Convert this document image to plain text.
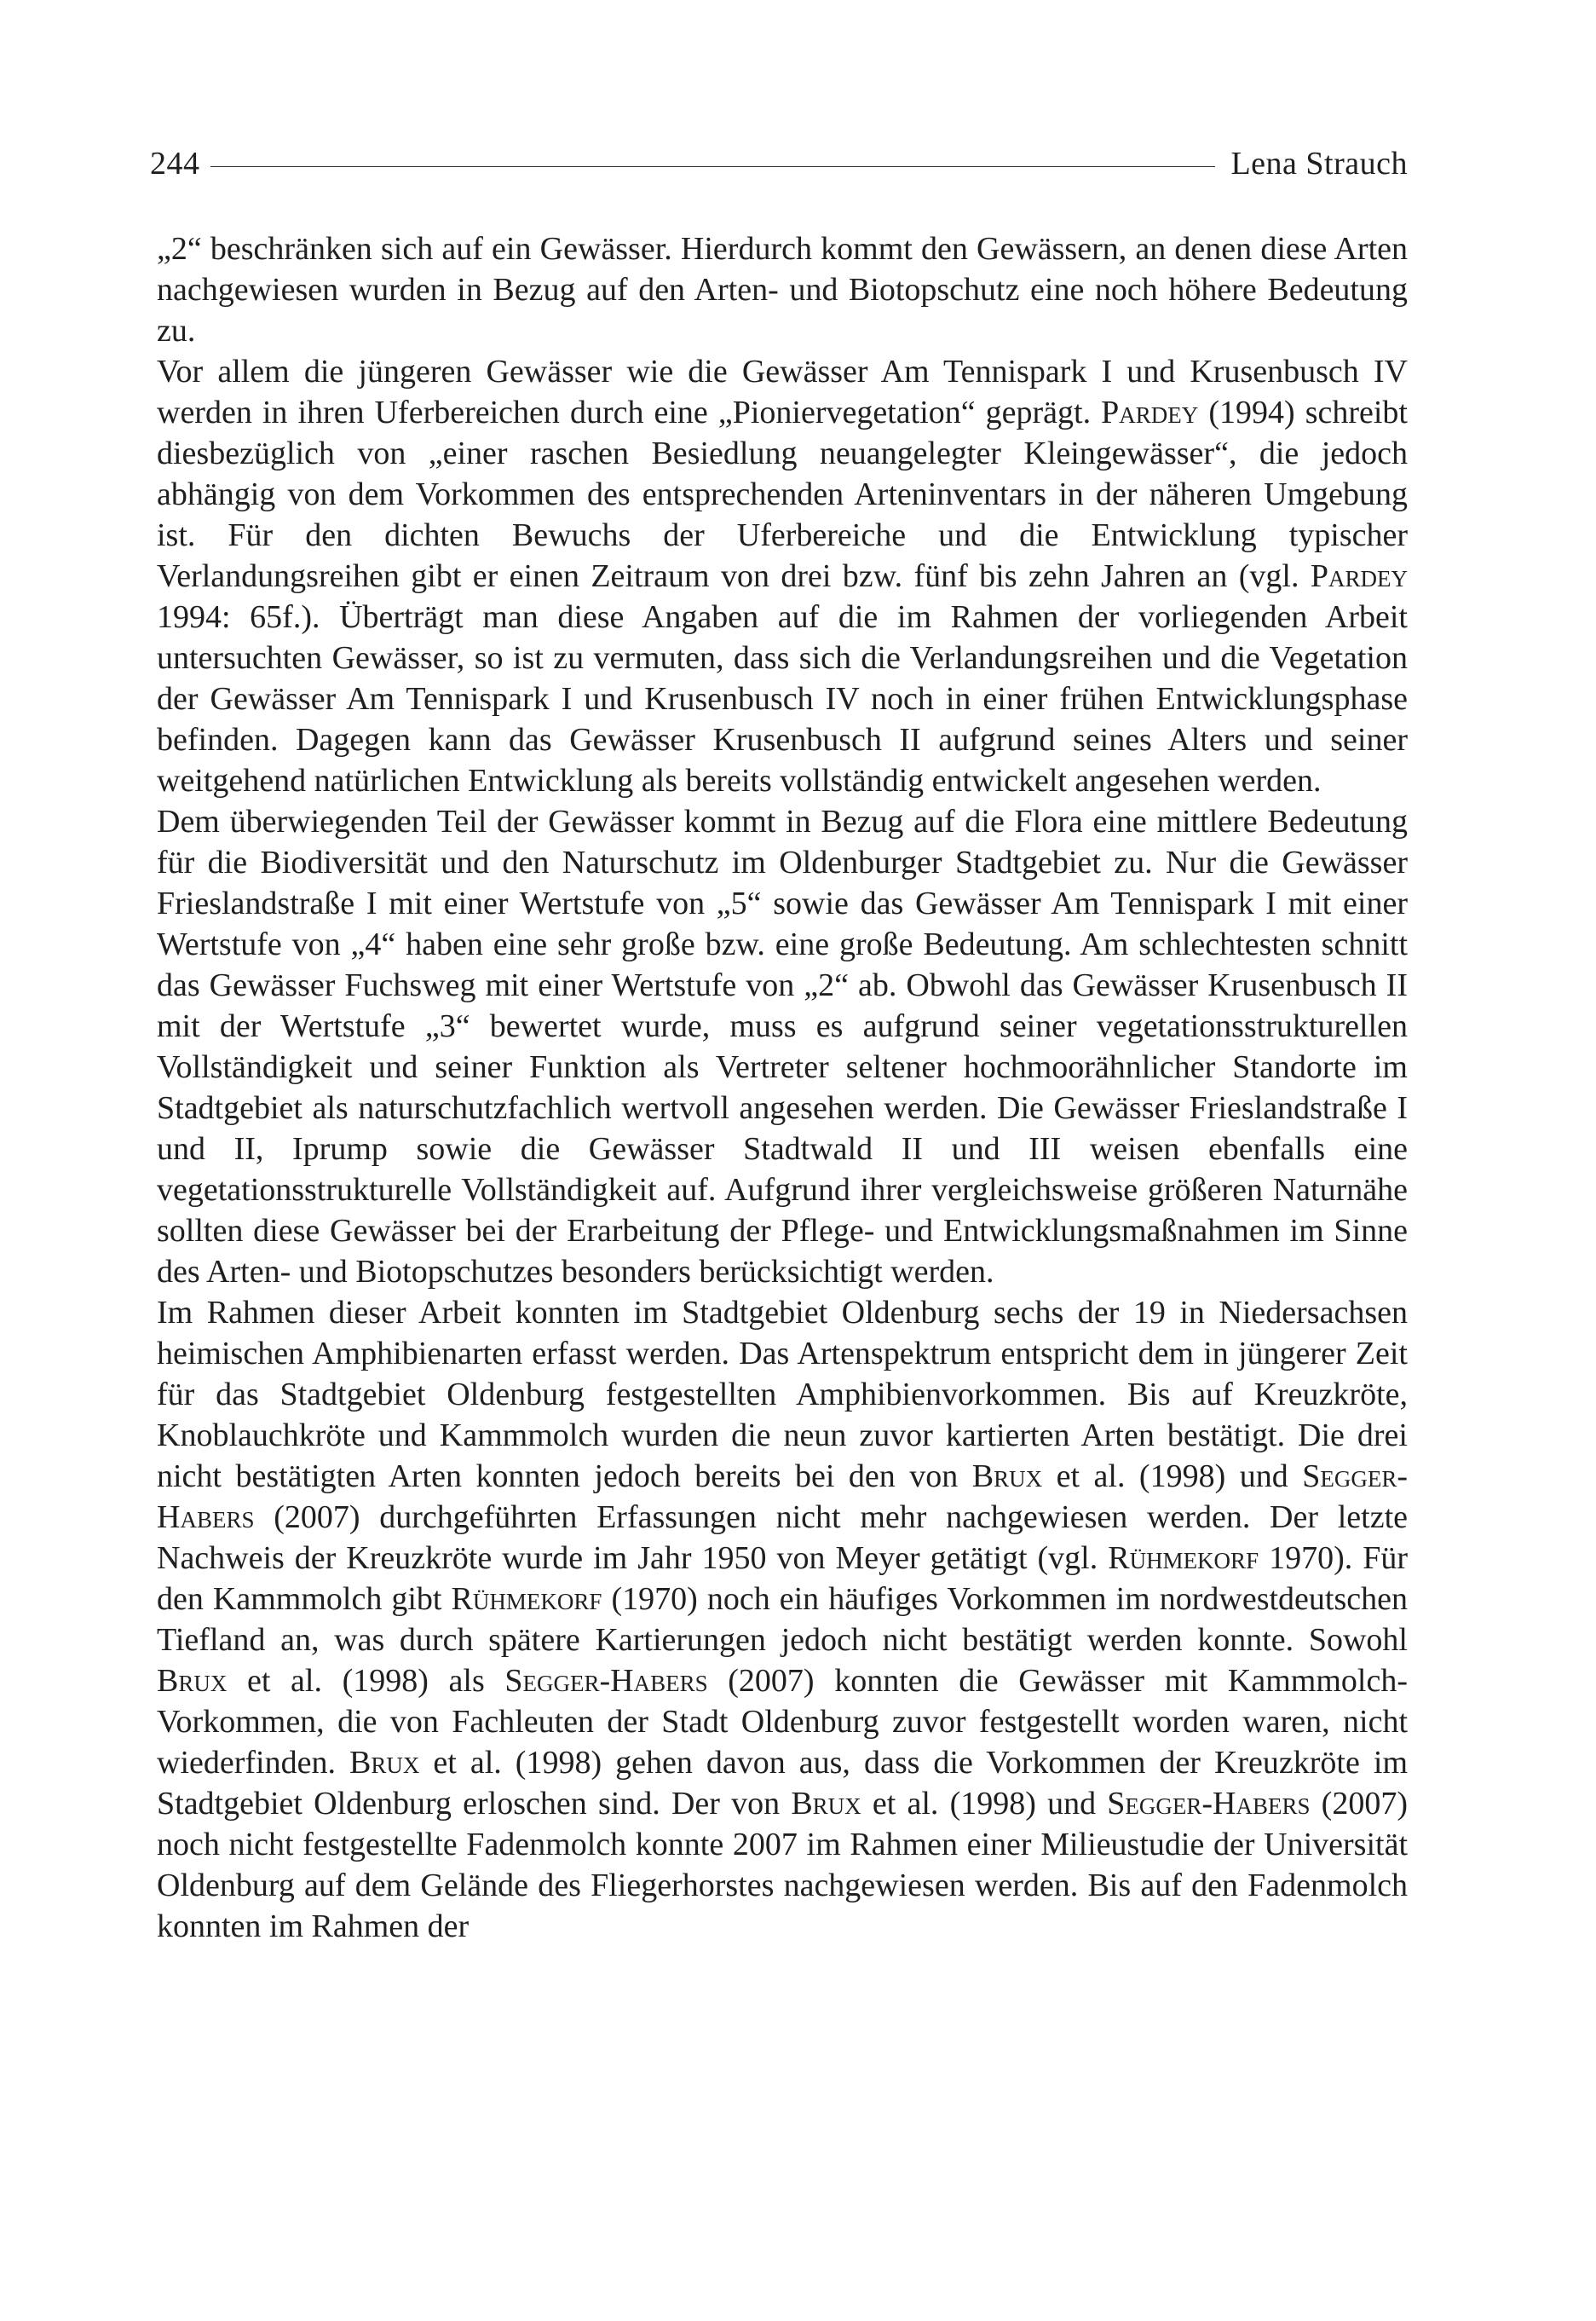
244	Lena Strauch

„2“ beschränken sich auf ein Gewässer. Hierdurch kommt den Gewässern, an denen diese Arten nachgewiesen wurden in Bezug auf den Arten- und Biotopschutz eine noch höhere Bedeutung zu.

Vor allem die jüngeren Gewässer wie die Gewässer Am Tennispark I und Krusenbusch IV werden in ihren Uferbereichen durch eine „Pioniervegetation“ geprägt. Pardey (1994) schreibt diesbezüglich von „einer raschen Besiedlung neuangelegter Kleingewässer“, die jedoch abhängig von dem Vorkommen des entsprechenden Arteninventars in der näheren Umgebung ist. Für den dichten Bewuchs der Uferbereiche und die Entwicklung typischer Verlandungsreihen gibt er einen Zeitraum von drei bzw. fünf bis zehn Jahren an (vgl. Pardey 1994: 65f.). Überträgt man diese Angaben auf die im Rahmen der vorliegenden Arbeit untersuchten Gewässer, so ist zu vermuten, dass sich die Verlandungsreihen und die Vegetation der Gewässer Am Tennispark I und Krusenbusch IV noch in einer frühen Entwicklungsphase befinden. Dagegen kann das Gewässer Krusenbusch II aufgrund seines Alters und seiner weitgehend natürlichen Entwicklung als bereits vollständig entwickelt angesehen werden.

Dem überwiegenden Teil der Gewässer kommt in Bezug auf die Flora eine mittlere Bedeutung für die Biodiversität und den Naturschutz im Oldenburger Stadtgebiet zu. Nur die Gewässer Frieslandstraße I mit einer Wertstufe von „5“ sowie das Gewässer Am Tennispark I mit einer Wertstufe von „4“ haben eine sehr große bzw. eine große Bedeutung. Am schlechtesten schnitt das Gewässer Fuchsweg mit einer Wertstufe von „2“ ab. Obwohl das Gewässer Krusenbusch II mit der Wertstufe „3“ bewertet wurde, muss es aufgrund seiner vegetationsstrukturellen Vollständigkeit und seiner Funktion als Vertreter seltener hochmoorähnlicher Standorte im Stadtgebiet als naturschutzfachlich wertvoll angesehen werden. Die Gewässer Frieslandstraße I und II, Iprump sowie die Gewässer Stadtwald II und III weisen ebenfalls eine vegetationsstrukturelle Vollständigkeit auf. Aufgrund ihrer vergleichsweise größeren Naturnähe sollten diese Gewässer bei der Erarbeitung der Pflege- und Entwicklungsmaßnahmen im Sinne des Arten- und Biotopschutzes besonders berücksichtigt werden.

Im Rahmen dieser Arbeit konnten im Stadtgebiet Oldenburg sechs der 19 in Niedersachsen heimischen Amphibienarten erfasst werden. Das Artenspektrum entspricht dem in jüngerer Zeit für das Stadtgebiet Oldenburg festgestellten Amphibienvorkommen. Bis auf Kreuzkröte, Knoblauchkröte und Kammmolch wurden die neun zuvor kartierten Arten bestätigt. Die drei nicht bestätigten Arten konnten jedoch bereits bei den von Brux et al. (1998) und Segger-Habers (2007) durchgeführten Erfassungen nicht mehr nachgewiesen werden. Der letzte Nachweis der Kreuzkröte wurde im Jahr 1950 von Meyer getätigt (vgl. Rühmekorf 1970). Für den Kammmolch gibt Rühmekorf (1970) noch ein häufiges Vorkommen im nordwestdeutschen Tiefland an, was durch spätere Kartierungen jedoch nicht bestätigt werden konnte. Sowohl Brux et al. (1998) als Segger-Habers (2007) konnten die Gewässer mit Kammmolch-Vorkommen, die von Fachleuten der Stadt Oldenburg zuvor festgestellt worden waren, nicht wiederfinden. Brux et al. (1998) gehen davon aus, dass die Vorkommen der Kreuzkröte im Stadtgebiet Oldenburg erloschen sind. Der von Brux et al. (1998) und Segger-Habers (2007) noch nicht festgestellte Fadenmolch konnte 2007 im Rahmen einer Milieustudie der Universität Oldenburg auf dem Gelände des Fliegerhorstes nachgewiesen werden. Bis auf den Fadenmolch konnten im Rahmen der
